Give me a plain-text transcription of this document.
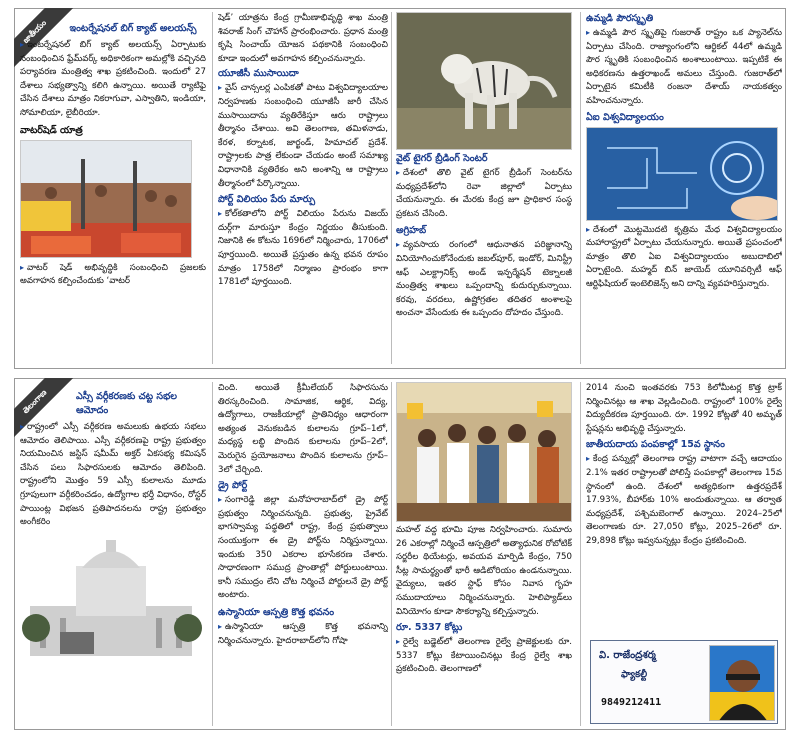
జాతీయం	ఇంటర్నేషనల్ బిగ్ క్యాట్ అలయన్స్
▸ ఇంటర్నేషనల్ బిగ్ క్యాట్ అలయన్స్ ఏర్పాటుకు సంబంధించిన ఫ్రేమ్‌వర్క్ అధికారికంగా అమల్లోకి వచ్చినది పర్యావరణ మంత్రిత్వ శాఖ ప్రకటించింది. ఇందులో 27 దేశాలు సభ్యత్వాన్ని కలిగి ఉన్నాయి. అయితే ర్యాటిఫై చేసిన దేశాలు మాత్రం నికరాగువా, ఎస్వాతిని, ఇండియా, సోమాలియా, లైబీరియా.
వాటర్‌షెడ్ యాత్ర
▸ వాటర్ షెడ్ అభివృద్ధికి సంబంధించి ప్రజలకు అవగాహన కల్పించేందుకు ‘వాటర్
షెడ్’ యాత్రను కేంద్ర గ్రామీణాభివృద్ధి శాఖ మంత్రి శివరాజ్ సింగ్ చౌహాన్ ప్రారంభించారు. ప్రధాన మంత్రి కృషి సించాయ్ యోజన పథకానికి సంబంధించి కూడా ఇందులో అవగాహన కల్పించనున్నారు.
యూజీసీ ముసాయిదా
▸ వైస్ చాన్సలర్ల ఎంపికతో పాటు విశ్వవిద్యాలయాల నిర్వహణకు సంబంధించి యూజీసీ జారీ చేసిన ముసాయిదాను వ్యతిరేకిస్తూ ఆరు రాష్ట్రాలు తీర్మానం చేశాయి. అవి తెలంగాణ, తమిళనాడు, కేరళ, కర్నాటక, జార్ఖండ్, హిమాచల్ ప్రదేశ్. రాష్ట్రాలకు పాత్ర లేకుండా చేయడం అంటే సమాఖ్య విధానానికి వ్యతిరేకం అని అంశాన్ని ఆ రాష్ట్రాలు తీర్మానంలో పేర్కొన్నాయి.
పోర్ట్ విలియం పేరు మార్పు
▸ కోల్‌కతాలోని పోర్ట్ విలియం పేరును విజయ్ దుర్గ్‌గా మారుస్తూ కేంద్రం నిర్ణయం తీసుకుంది. నిజానికి ఈ కోటను 1696లో నిర్మించారు, 1706లో పూర్తయింది. అయితే ప్రస్తుతం ఉన్న భవన రూపం మాత్రం 1758లో నిర్మాణం ప్రారంభం కాగా 1781లో పూర్తయింది.
వైట్ టైగర్ బ్రీడింగ్ సెంటర్
▸ దేశంలో తొలి వైట్ టైగర్ బ్రీడింగ్ సెంటర్‌ను మధ్యప్రదేశ్‌లోని రెవా జిల్లాలో ఏర్పాటు చేయనున్నారు. ఈ మేరకు కేంద్ర జూ ప్రాధికార సంస్థ ప్రకటన చేసింది.
అగ్రిహబ్
▸ వ్యవసాయ రంగంలో ఆధునాతన పరిజ్ఞానాన్ని వినియోగించుకోనేందుకు జబల్‌పూర్, ఇండోర్, మినిస్ట్రీ ఆఫ్ ఎలక్ట్రానిక్స్ అండ్ ఇన్ఫర్మేషన్ టెక్నాలజీ మంత్రిత్వ శాఖలు ఒప్పందాన్ని కుదుర్చుకున్నాయి. కరవు, వరదలు, ఉష్ణోగ్రతల తదితర అంశాలపై అంచనా వేసేందుకు ఈ ఒప్పందం దోహదం చేస్తుంది.
ఉమ్మడి పౌరస్మృతి
▸ ఉమ్మడి పౌర స్మృతిపై గుజరాత్ రాష్ట్రం ఒక ప్యానెల్‌ను ఏర్పాటు చేసింది. రాజ్యాంగంలోని ఆర్టికల్ 44లో ఉమ్మడి పౌర స్మృతికి సంబంధించిన అంశాలుంటాయి. ఇప్పటికే ఈ అధికరణను ఉత్తరాఖండ్ అమలు చేస్తుంది. గుజరాత్‌లో ఏర్పాటైన కమిటీకి రంజనా దేశాయ్ నాయకత్వం వహించనున్నారు.
ఏఐ విశ్వవిద్యాలయం
▸ దేశంలో మొట్టమొదటి కృత్రిమ మేధ విశ్వవిద్యాలయం మహారాష్ట్రలో ఏర్పాటు చేయనున్నారు. అయితే ప్రపంచంలో మాత్రం తొలి ఏఐ విశ్వవిద్యాలయం అబుదాబిలో ఏర్పాటైంది. మహ్మద్ బిన్ జాయెద్ యూనివర్సిటీ ఆఫ్ ఆర్టిఫిషియల్ ఇంటెలిజెన్స్ అని దాన్ని వ్యవహరిస్తున్నారు.
తెలంగాణ	ఎస్సీ వర్గీకరణకు చట్ట సభల ఆమోదం
▸ రాష్ట్రంలో ఎస్సీ వర్గీకరణ అమలుకు ఉభయ సభలు ఆమోదం తెలిపాయి. ఎస్సీ వర్గీకరణపై రాష్ట్ర ప్రభుత్వం నియమించిన జస్టిస్ షమీమ్ అక్తర్ ఏకసభ్య కమిషన్ చేసిన పలు సిఫారసులకు ఆమోదం తెలిపింది. రాష్ట్రంలోని మొత్తం 59 ఎస్సీ కులాలను మూడు గ్రూపులుగా వర్గీకరించడం, ఉద్యోగాల భర్తీ విధానం, రోస్టర్ పాయింట్ల విభజన ప్రతిపాదనలను రాష్ట్ర ప్రభుత్వం అంగీకరిం
చింది. అయితే క్రీమీలేయర్ సిఫారసును తిరస్కరించింది. సామాజిక, ఆర్థిక, విద్య, ఉద్యోగాలు, రాజకీయాల్లో ప్రాతినిధ్యం ఆధారంగా అత్యంత వెనుకబడిన కులాలను గ్రూప్–1లో, మధ్యస్థ లబ్ధి పొందిన కులాలను గ్రూప్–2లో, మెరుగైన ప్రయోజనాలు పొందిన కులాలను గ్రూప్–3లో చేర్చింది.
డ్రై పోర్ట్
▸ సంగారెడ్డి జిల్లా మనోహరాబాద్‌లో డ్రై పోర్ట్ ప్రభుత్వం నిర్మించనున్నది. ప్రభుత్వ, ప్రైవేట్ భాగస్వామ్య పద్ధతిలో రాష్ట్ర, కేంద్ర ప్రభుత్వాలు సంయుక్తంగా ఈ డ్రై పోర్ట్‌ను నిర్మిస్తున్నాయి. ఇందుకు 350 ఎకరాల భూసేకరణ చేశారు. సాధారణంగా సముద్ర ప్రాంతాల్లో పోర్టులుంటాయి. కానీ సముద్రం లేని చోట నిర్మించే పోర్టులనే డ్రై పోర్ట్ అంటారు.
ఉస్మానియా ఆస్పత్రి కొత్త భవనం
▸ ఉస్మానియా ఆస్పత్రి కొత్త భవనాన్ని నిర్మించనున్నారు. హైదరాబాద్‌లోని గోషా
మహల్ వద్ద భూమి పూజ నిర్వహించారు. సుమారు 26 ఎకరాల్లో నిర్మించే ఆస్పత్రిలో అత్యాధునిక రోబోటిక్ సర్జరీల థియేటర్లు, అవయవ మార్పిడి కేంద్రం, 750 సీట్ల సామర్థ్యంతో భారీ ఆడిటోరియం ఉండనున్నాయి. వైద్యులు, ఇతర స్టాఫ్ కోసం నివాస గృహ సముదాయాలు నిర్మించనున్నారు. హెలిప్యాడ్‌లు వినియోగం కూడా సౌకర్యాన్ని కల్పిస్తున్నారు.
రూ. 5337 కోట్లు
▸ రైల్వే బడ్జెట్‌లో తెలంగాణ రైల్వే ప్రాజెక్టులకు రూ. 5337 కోట్లు కేటాయించినట్లు కేంద్ర రైల్వే శాఖ ప్రకటించింది. తెలంగాణలో
2014 నుంచి ఇంతవరకు 753 కిలోమీటర్ల కొత్త ట్రాక్ నిర్మించినట్లు ఆ శాఖ వెల్లడించింది. రాష్ట్రంలో 100% రైల్వే విద్యుదీకరణ పూర్తయింది. రూ. 1992 కోట్లతో 40 అమృత్ స్టేషన్లను అభివృద్ధి చేస్తున్నారు.
జాతీయదాయ పంపకాల్లో 15వ స్థానం
▸ కేంద్ర పన్నుల్లో తెలంగాణ రాష్ట్ర వాటాగా వచ్చే ఆదాయం 2.1% ఇతర రాష్ట్రాలతో పోలిస్తే పంపకాల్లో తెలంగాణ 15వ స్థానంలో ఉంది. దేశంలో అత్యధికంగా ఉత్తరప్రదేశ్ 17.93%, బీహార్‌కు 10% అందుతున్నాయి. ఆ తర్వాత మధ్యప్రదేశ్, పశ్చిమబెంగాల్ ఉన్నాయి. 2024–25లో తెలంగాణకు రూ. 27,050 కోట్లు, 2025–26లో రూ. 29,898 కోట్లు ఇవ్వనున్నట్లు కేంద్రం ప్రకటించింది.
వి. రాజేంద్రశర్మ
ఫ్యాకల్టీ
9849212411
